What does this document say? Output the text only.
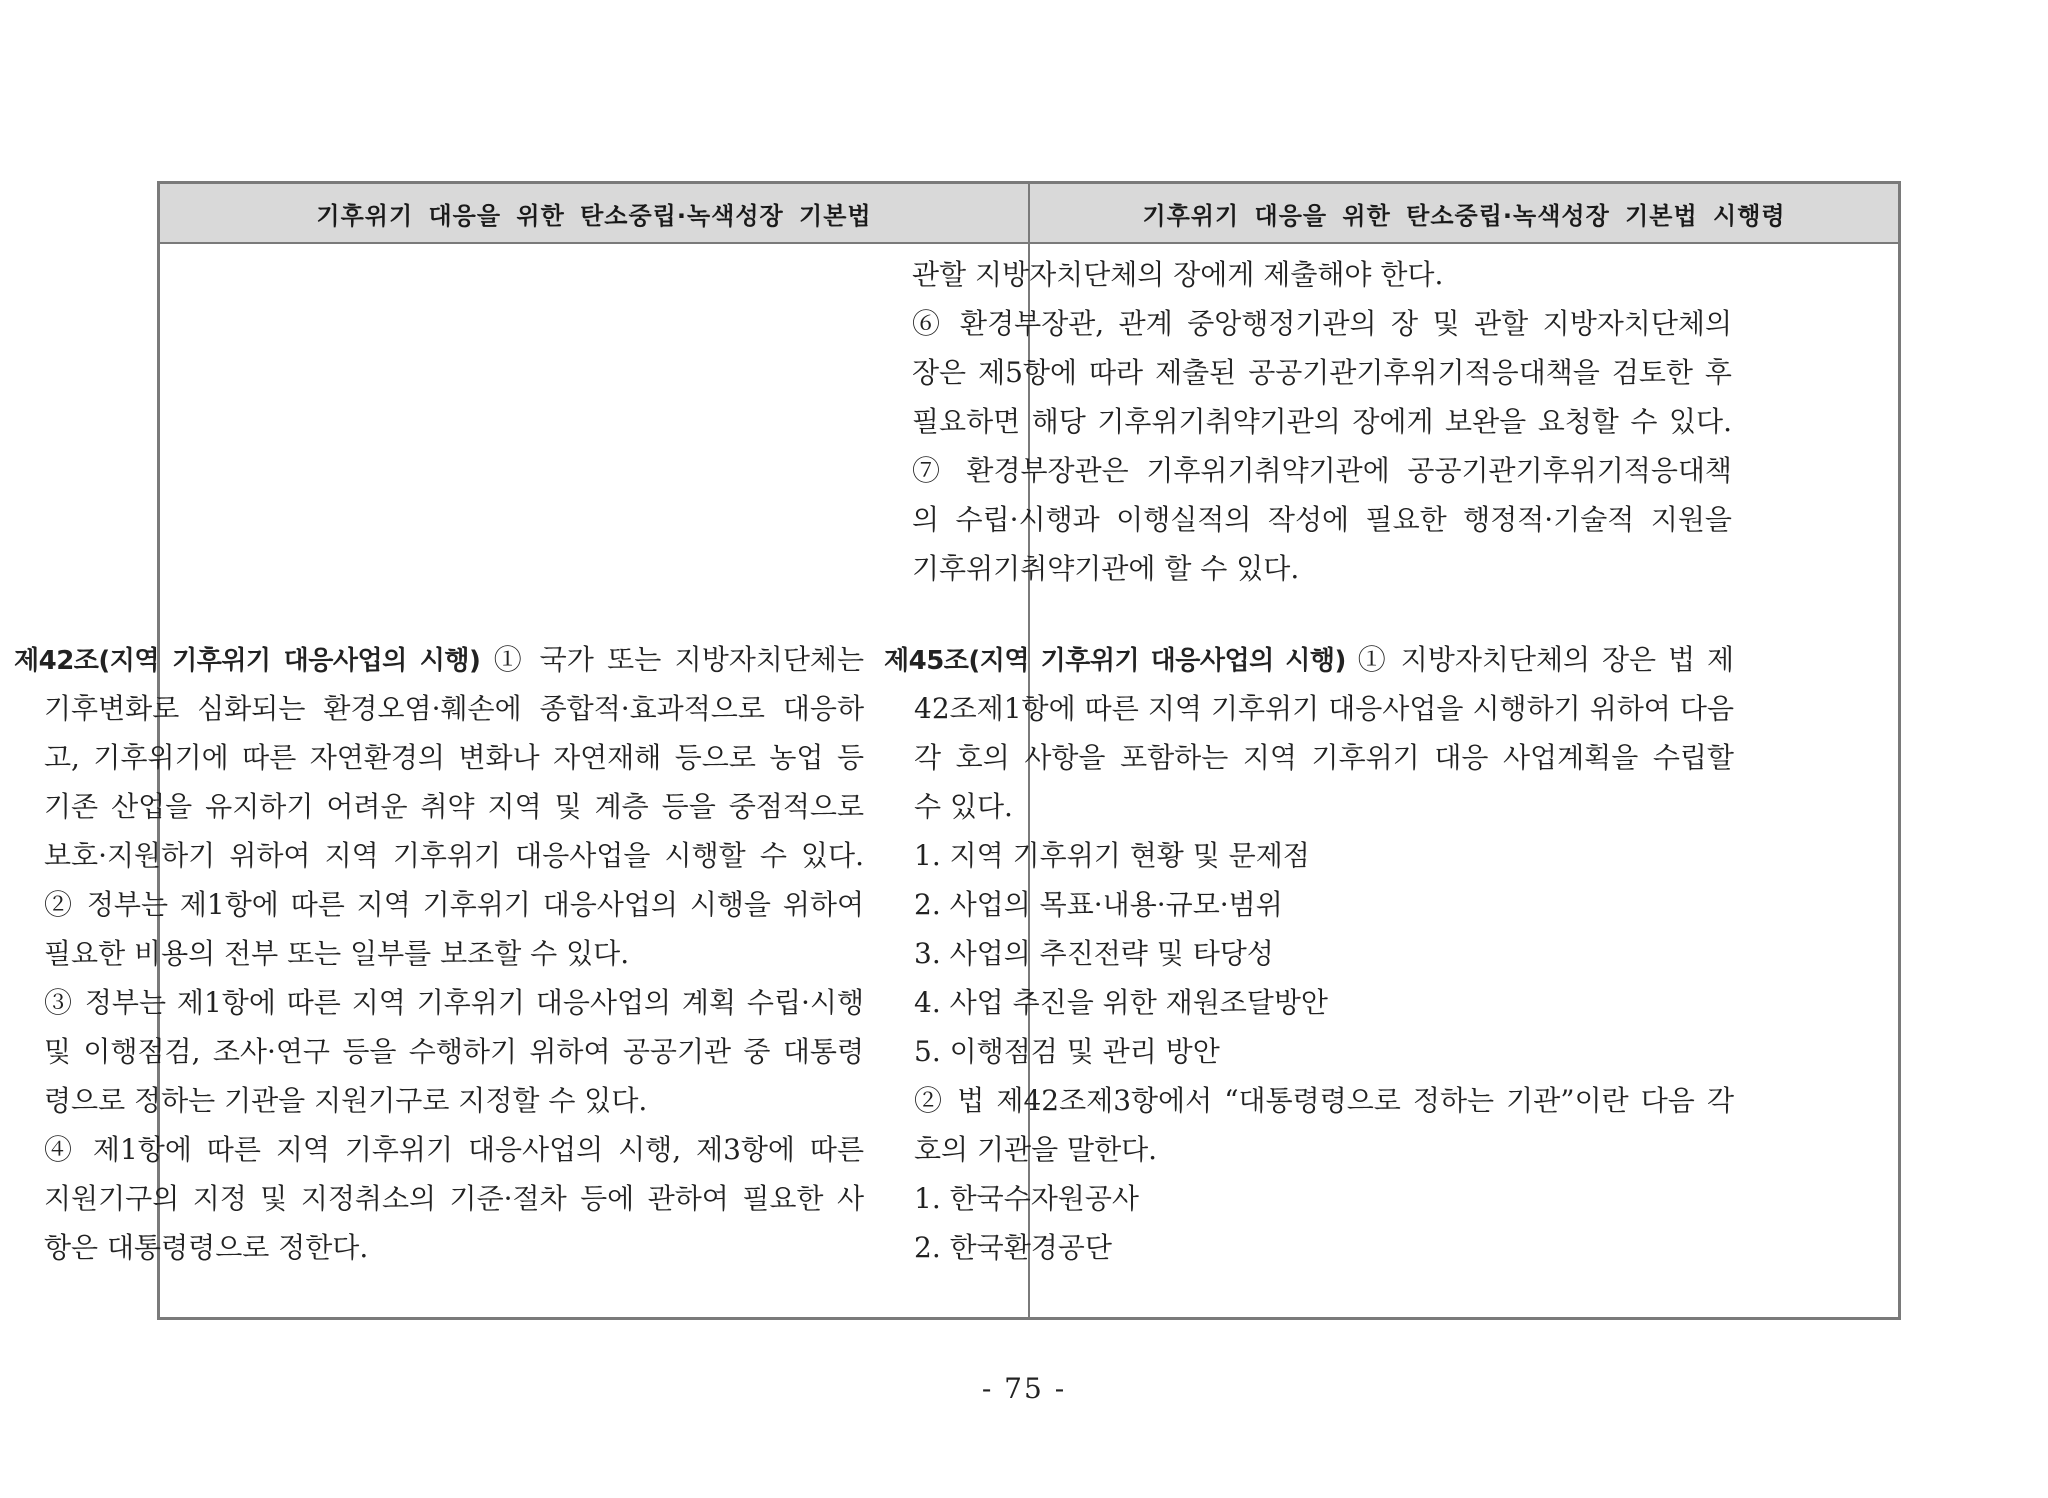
기후위기 대응을 위한 탄소중립·녹색성장 기본법	기후위기 대응을 위한 탄소중립·녹색성장 기본법 시행령
관할 지방자치단체의 장에게 제출해야 한다.
⑥ 환경부장관, 관계 중앙행정기관의 장 및 관할 지방자치단체의
장은 제5항에 따라 제출된 공공기관기후위기적응대책을 검토한 후
필요하면 해당 기후위기취약기관의 장에게 보완을 요청할 수 있다.
⑦ 환경부장관은 기후위기취약기관에 공공기관기후위기적응대책
의 수립·시행과 이행실적의 작성에 필요한 행정적·기술적 지원을
기후위기취약기관에 할 수 있다.
제42조(지역 기후위기 대응사업의 시행) ① 국가 또는 지방자치단체는
기후변화로 심화되는 환경오염·훼손에 종합적·효과적으로 대응하
고, 기후위기에 따른 자연환경의 변화나 자연재해 등으로 농업 등
기존 산업을 유지하기 어려운 취약 지역 및 계층 등을 중점적으로
보호·지원하기 위하여 지역 기후위기 대응사업을 시행할 수 있다.
② 정부는 제1항에 따른 지역 기후위기 대응사업의 시행을 위하여
필요한 비용의 전부 또는 일부를 보조할 수 있다.
③ 정부는 제1항에 따른 지역 기후위기 대응사업의 계획 수립·시행
및 이행점검, 조사·연구 등을 수행하기 위하여 공공기관 중 대통령
령으로 정하는 기관을 지원기구로 지정할 수 있다.
④ 제1항에 따른 지역 기후위기 대응사업의 시행, 제3항에 따른
지원기구의 지정 및 지정취소의 기준·절차 등에 관하여 필요한 사
항은 대통령령으로 정한다.
제45조(지역 기후위기 대응사업의 시행) ① 지방자치단체의 장은 법 제
42조제1항에 따른 지역 기후위기 대응사업을 시행하기 위하여 다음
각 호의 사항을 포함하는 지역 기후위기 대응 사업계획을 수립할
수 있다.
1. 지역 기후위기 현황 및 문제점
2. 사업의 목표·내용·규모·범위
3. 사업의 추진전략 및 타당성
4. 사업 추진을 위한 재원조달방안
5. 이행점검 및 관리 방안
② 법 제42조제3항에서 “대통령령으로 정하는 기관”이란 다음 각
호의 기관을 말한다.
1. 한국수자원공사
2. 한국환경공단
- 75 -
